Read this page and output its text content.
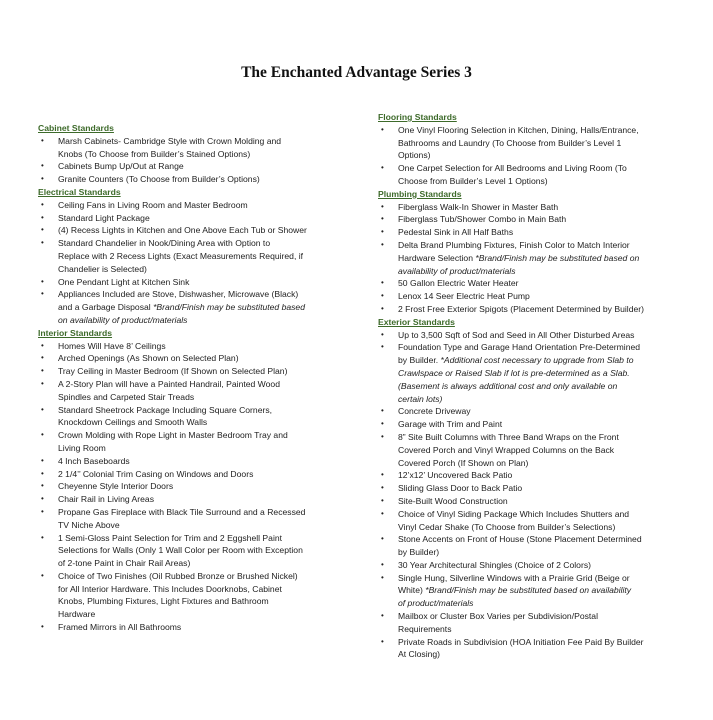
The Enchanted Advantage Series 3
Cabinet Standards
• Marsh Cabinets- Cambridge Style with Crown Molding and
Knobs (To Choose from Builder’s Stained Options)
• Cabinets Bump Up/Out at Range
• Granite Counters (To Choose from Builder’s Options)
Electrical Standards
• Ceiling Fans in Living Room and Master Bedroom
• Standard Light Package
• (4) Recess Lights in Kitchen and One Above Each Tub or Shower
• Standard Chandelier in Nook/Dining Area with Option to
Replace with 2 Recess Lights (Exact Measurements Required, if
Chandelier is Selected)
• One Pendant Light at Kitchen Sink
• Appliances Included are Stove, Dishwasher, Microwave (Black)
and a Garbage Disposal *Brand/Finish may be substituted based
on availability of product/materials
Interior Standards
• Homes Will Have 8’ Ceilings
• Arched Openings (As Shown on Selected Plan)
• Tray Ceiling in Master Bedroom (If Shown on Selected Plan)
• A 2-Story Plan will have a Painted Handrail, Painted Wood
Spindles and Carpeted Stair Treads
• Standard Sheetrock Package Including Square Corners,
Knockdown Ceilings and Smooth Walls
• Crown Molding with Rope Light in Master Bedroom Tray and
Living Room
• 4 Inch Baseboards
• 2 1/4’’ Colonial Trim Casing on Windows and Doors
• Cheyenne Style Interior Doors
• Chair Rail in Living Areas
• Propane Gas Fireplace with Black Tile Surround and a Recessed
TV Niche Above
• 1 Semi-Gloss Paint Selection for Trim and 2 Eggshell Paint
Selections for Walls (Only 1 Wall Color per Room with Exception
of 2-tone Paint in Chair Rail Areas)
• Choice of Two Finishes (Oil Rubbed Bronze or Brushed Nickel)
for All Interior Hardware. This Includes Doorknobs, Cabinet
Knobs, Plumbing Fixtures, Light Fixtures and Bathroom
Hardware
• Framed Mirrors in All Bathrooms
Flooring Standards
• One Vinyl Flooring Selection in Kitchen, Dining, Halls/Entrance,
Bathrooms and Laundry (To Choose from Builder’s Level 1
Options)
• One Carpet Selection for All Bedrooms and Living Room (To
Choose from Builder’s Level 1 Options)
Plumbing Standards
• Fiberglass Walk-In Shower in Master Bath
• Fiberglass Tub/Shower Combo in Main Bath
• Pedestal Sink in All Half Baths
• Delta Brand Plumbing Fixtures, Finish Color to Match Interior
Hardware Selection *Brand/Finish may be substituted based on
availability of product/materials
• 50 Gallon Electric Water Heater
• Lenox 14 Seer Electric Heat Pump
• 2 Frost Free Exterior Spigots (Placement Determined by Builder)
Exterior Standards
• Up to 3,500 Sqft of Sod and Seed in All Other Disturbed Areas
• Foundation Type and Garage Hand Orientation Pre-Determined
by Builder. *Additional cost necessary to upgrade from Slab to
Crawlspace or Raised Slab if lot is pre-determined as a Slab.
(Basement is always additional cost and only available on
certain lots)
• Concrete Driveway
• Garage with Trim and Paint
• 8” Site Built Columns with Three Band Wraps on the Front
Covered Porch and Vinyl Wrapped Columns on the Back
Covered Porch (If Shown on Plan)
• 12’x12’ Uncovered Back Patio
• Sliding Glass Door to Back Patio
• Site-Built Wood Construction
• Choice of Vinyl Siding Package Which Includes Shutters and
Vinyl Cedar Shake (To Choose from Builder’s Selections)
• Stone Accents on Front of House (Stone Placement Determined
by Builder)
• 30 Year Architectural Shingles (Choice of 2 Colors)
• Single Hung, Silverline Windows with a Prairie Grid (Beige or
White) *Brand/Finish may be substituted based on availability
of product/materials
• Mailbox or Cluster Box Varies per Subdivision/Postal
Requirements
• Private Roads in Subdivision (HOA Initiation Fee Paid By Builder
At Closing)
